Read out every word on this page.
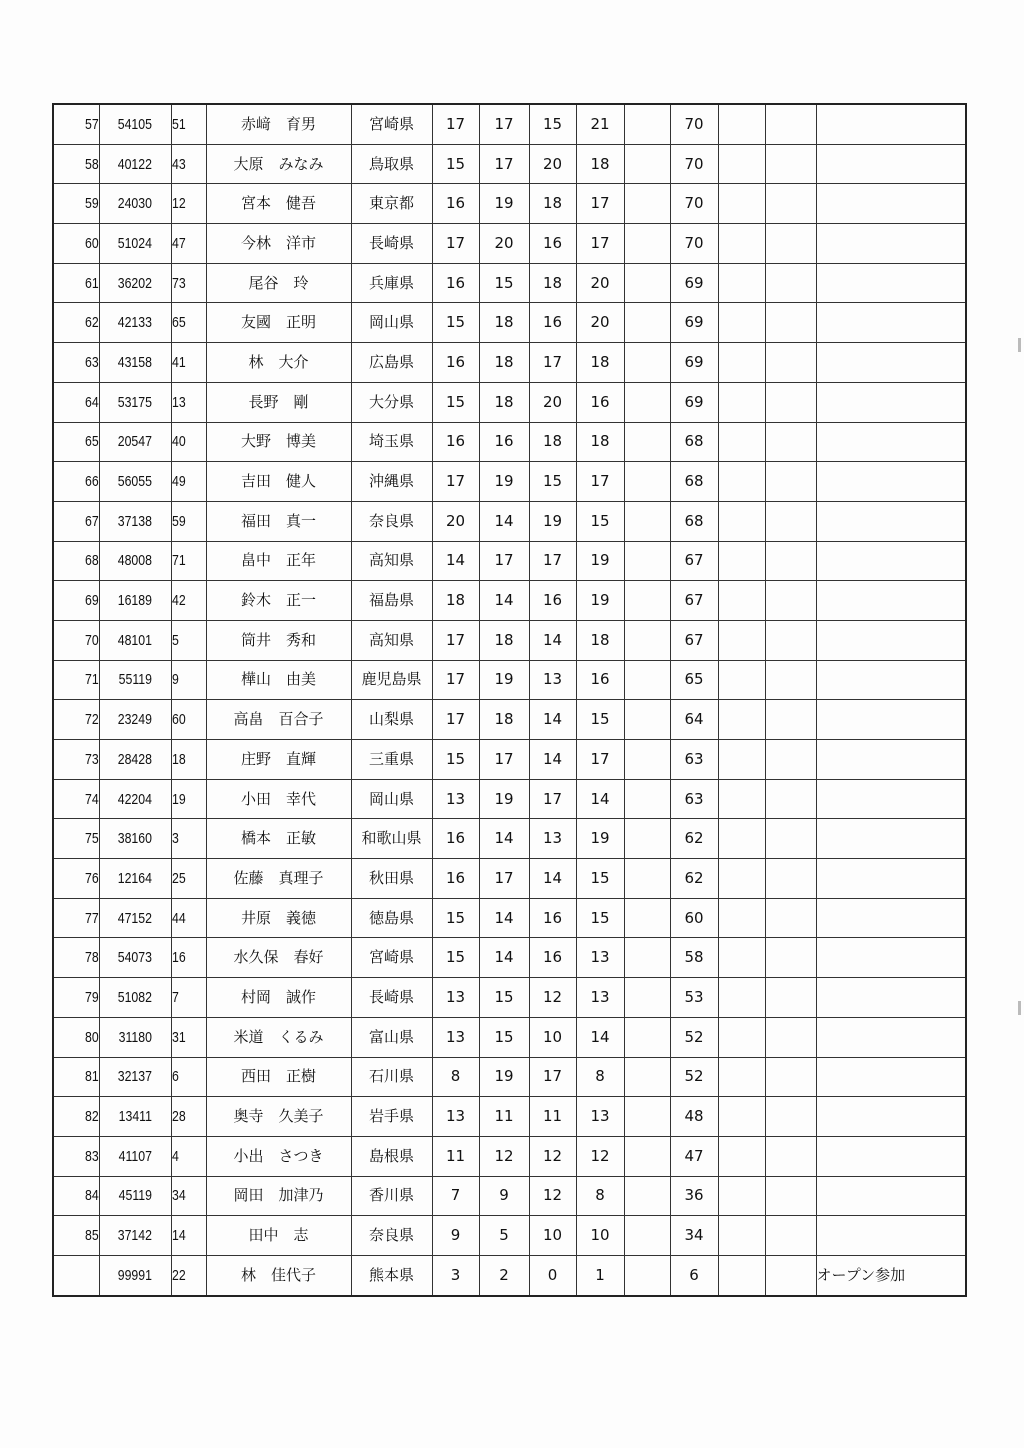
57	54105	51	赤﨑　育男	宮崎県	17	17	15	21		70			
58	40122	43	大原　みなみ	鳥取県	15	17	20	18		70			
59	24030	12	宮本　健吾	東京都	16	19	18	17		70			
60	51024	47	今林　洋市	長崎県	17	20	16	17		70			
61	36202	73	尾谷　玲	兵庫県	16	15	18	20		69			
62	42133	65	友國　正明	岡山県	15	18	16	20		69			
63	43158	41	林　大介	広島県	16	18	17	18		69			
64	53175	13	長野　剛	大分県	15	18	20	16		69			
65	20547	40	大野　博美	埼玉県	16	16	18	18		68			
66	56055	49	吉田　健人	沖縄県	17	19	15	17		68			
67	37138	59	福田　真一	奈良県	20	14	19	15		68			
68	48008	71	畠中　正年	高知県	14	17	17	19		67			
69	16189	42	鈴木　正一	福島県	18	14	16	19		67			
70	48101	5	筒井　秀和	高知県	17	18	14	18		67			
71	55119	9	樺山　由美	鹿児島県	17	19	13	16		65			
72	23249	60	高畠　百合子	山梨県	17	18	14	15		64			
73	28428	18	庄野　直輝	三重県	15	17	14	17		63			
74	42204	19	小田　幸代	岡山県	13	19	17	14		63			
75	38160	3	橋本　正敏	和歌山県	16	14	13	19		62			
76	12164	25	佐藤　真理子	秋田県	16	17	14	15		62			
77	47152	44	井原　義徳	徳島県	15	14	16	15		60			
78	54073	16	水久保　春好	宮崎県	15	14	16	13		58			
79	51082	7	村岡　誠作	長崎県	13	15	12	13		53			
80	31180	31	米道　くるみ	富山県	13	15	10	14		52			
81	32137	6	西田　正樹	石川県	8	19	17	8		52			
82	13411	28	奥寺　久美子	岩手県	13	11	11	13		48			
83	41107	4	小出　さつき	島根県	11	12	12	12		47			
84	45119	34	岡田　加津乃	香川県	7	9	12	8		36			
85	37142	14	田中　志	奈良県	9	5	10	10		34			
	99991	22	林　佳代子	熊本県	3	2	0	1		6			オープン参加
